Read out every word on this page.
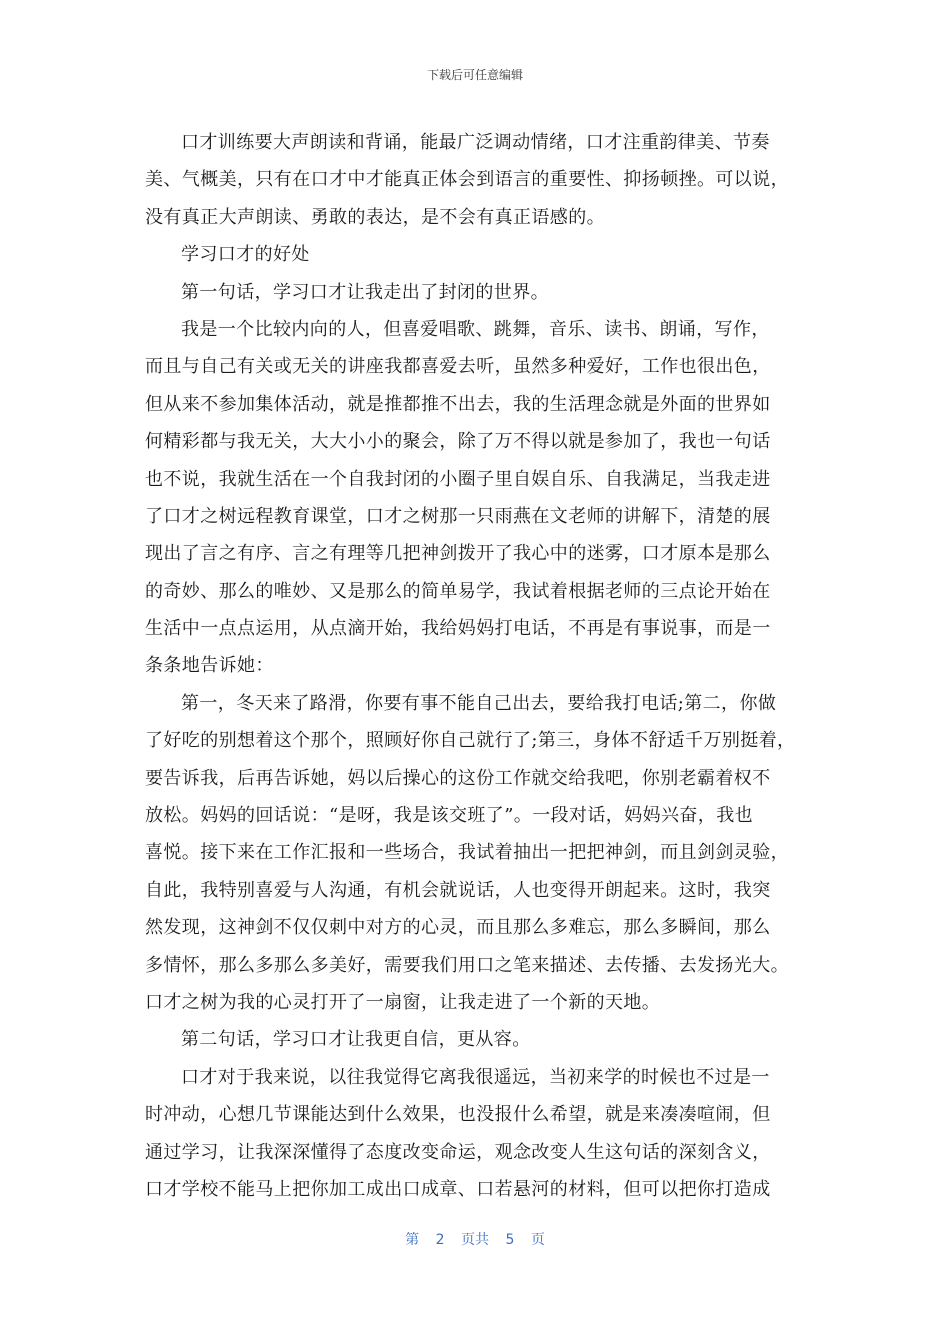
下载后可任意编辑
口才训练要大声朗读和背诵，能最广泛调动情绪，口才注重韵律美、节奏
美、气概美，只有在口才中才能真正体会到语言的重要性、抑扬顿挫。可以说，
没有真正大声朗读、勇敢的表达，是不会有真正语感的。
学习口才的好处
第一句话，学习口才让我走出了封闭的世界。
我是一个比较内向的人，但喜爱唱歌、跳舞，音乐、读书、朗诵，写作，
而且与自己有关或无关的讲座我都喜爱去听，虽然多种爱好，工作也很出色，
但从来不参加集体活动，就是推都推不出去，我的生活理念就是外面的世界如
何精彩都与我无关，大大小小的聚会，除了万不得以就是参加了，我也一句话
也不说，我就生活在一个自我封闭的小圈子里自娱自乐、自我满足，当我走进
了口才之树远程教育课堂，口才之树那一只雨燕在文老师的讲解下，清楚的展
现出了言之有序、言之有理等几把神剑拨开了我心中的迷雾，口才原本是那么
的奇妙、那么的唯妙、又是那么的简单易学，我试着根据老师的三点论开始在
生活中一点点运用，从点滴开始，我给妈妈打电话，不再是有事说事，而是一
条条地告诉她：
第一，冬天来了路滑，你要有事不能自己出去，要给我打电话;第二，你做
了好吃的别想着这个那个，照顾好你自己就行了;第三，身体不舒适千万别挺着，
要告诉我，后再告诉她，妈以后操心的这份工作就交给我吧，你别老霸着权不
放松。妈妈的回话说：“是呀，我是该交班了”。一段对话，妈妈兴奋，我也
喜悦。接下来在工作汇报和一些场合，我试着抽出一把把神剑，而且剑剑灵验，
自此，我特别喜爱与人沟通，有机会就说话，人也变得开朗起来。这时，我突
然发现，这神剑不仅仅刺中对方的心灵，而且那么多难忘，那么多瞬间，那么
多情怀，那么多那么多美好，需要我们用口之笔来描述、去传播、去发扬光大。
口才之树为我的心灵打开了一扇窗，让我走进了一个新的天地。
第二句话，学习口才让我更自信，更从容。
口才对于我来说，以往我觉得它离我很遥远，当初来学的时候也不过是一
时冲动，心想几节课能达到什么效果，也没报什么希望，就是来凑凑喧闹，但
通过学习，让我深深懂得了态度改变命运，观念改变人生这句话的深刻含义，
口才学校不能马上把你加工成出口成章、口若悬河的材料，但可以把你打造成
第 2 页共 5 页
